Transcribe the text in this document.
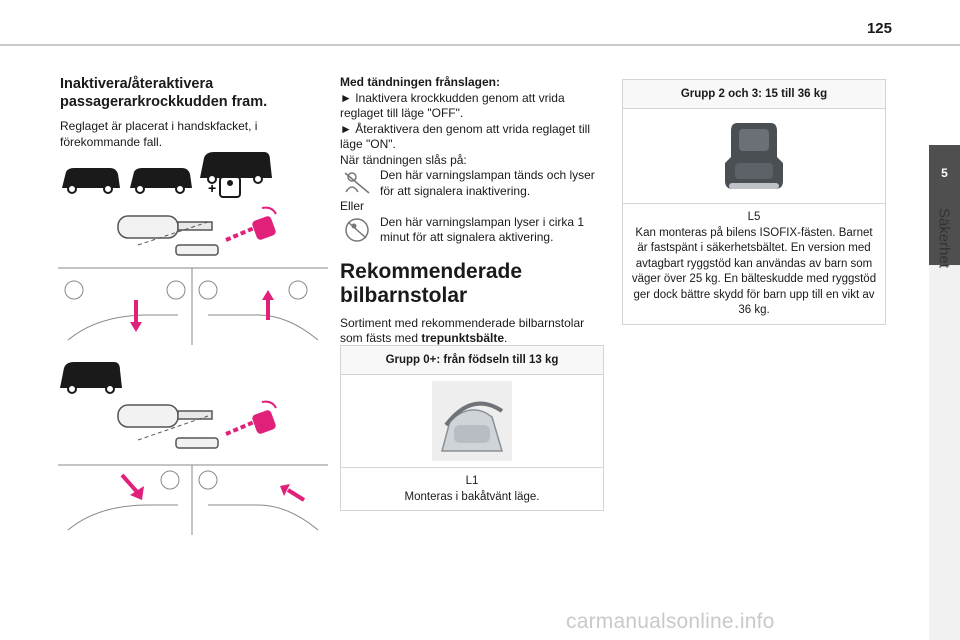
125
5
Säkerhet
Inaktivera/återaktivera passagerarkrockkudden fram.
Reglaget är placerat i handskfacket, i förekommande fall.
+
Med tändningen frånslagen:
► Inaktivera krockkudden genom att vrida reglaget till läge "OFF".
► Återaktivera den genom att vrida reglaget till läge "ON".
När tändningen slås på:
Den här varningslampan tänds och lyser för att signalera inaktivering.
Eller
Den här varningslampan lyser i cirka 1 minut för att signalera aktivering.
Rekommenderade bilbarnstolar
Sortiment med rekommenderade bilbarnstolar som fästs med trepunktsbälte.
Grupp 0+: från födseln till 13 kg
L1
Monteras i bakåtvänt läge.
Grupp 2 och 3: 15 till 36 kg
L5
Kan monteras på bilens ISOFIX-fästen. Barnet är fastspänt i säkerhetsbältet. En version med avtagbart ryggstöd kan användas av barn som väger över 25 kg. En bälteskudde med ryggstöd ger dock bättre skydd för barn upp till en vikt av 36 kg.
carmanualsonline.info
